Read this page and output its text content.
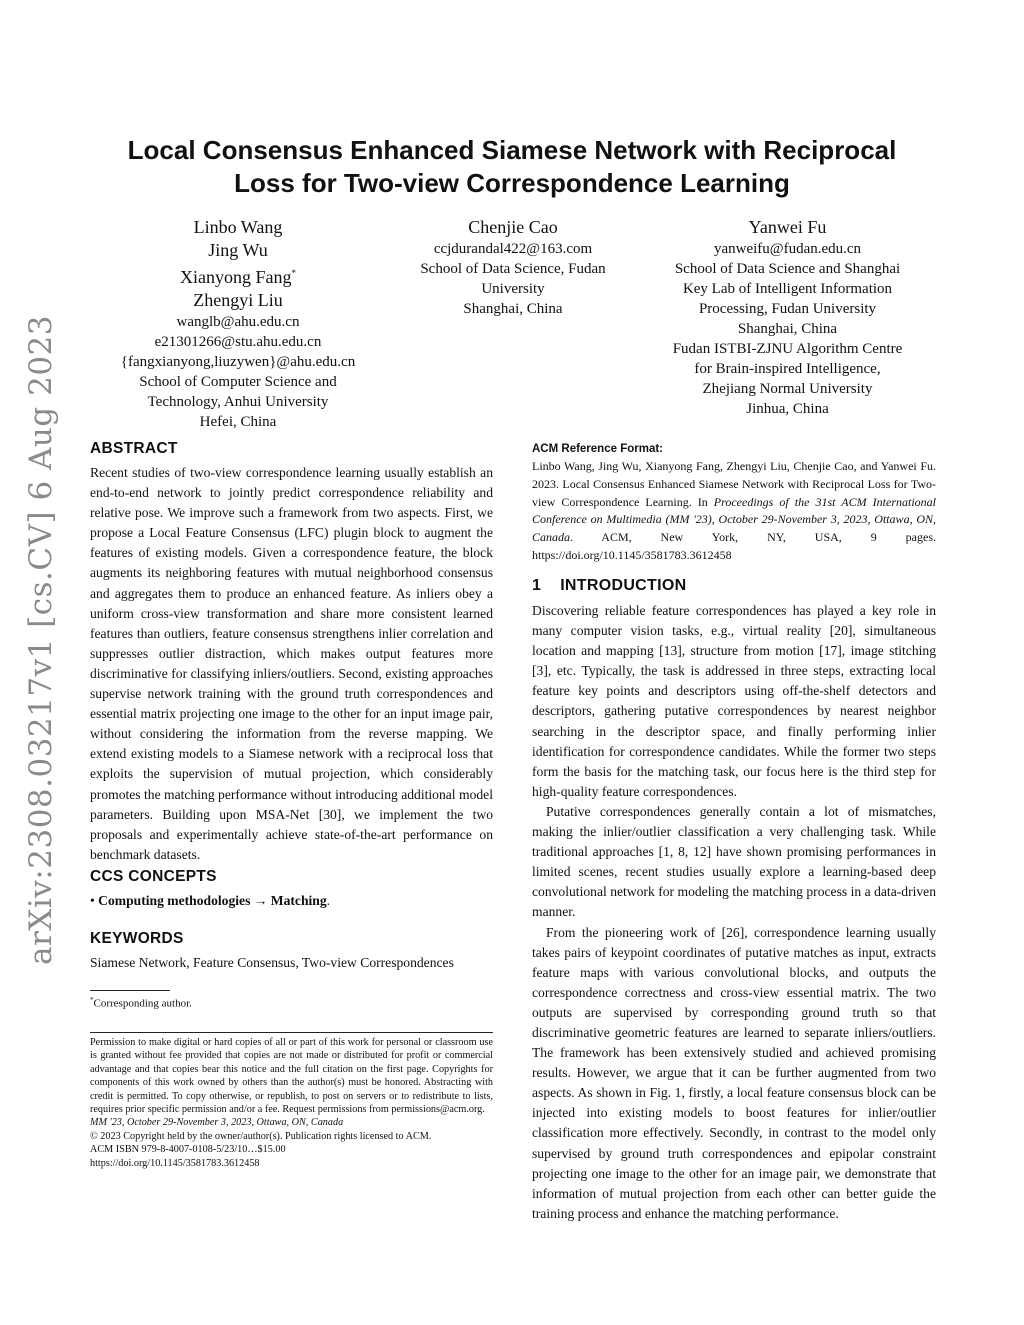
arXiv:2308.03217v1 [cs.CV] 6 Aug 2023
Local Consensus Enhanced Siamese Network with Reciprocal
Loss for Two-view Correspondence Learning
Linbo Wang
Jing Wu
Xianyong Fang*
Zhengyi Liu
wanglb@ahu.edu.cn
e21301266@stu.ahu.edu.cn
{fangxianyong,liuzywen}@ahu.edu.cn
School of Computer Science and
Technology, Anhui University
Hefei, China
Chenjie Cao
ccjdurandal422@163.com
School of Data Science, Fudan
University
Shanghai, China
Yanwei Fu
yanweifu@fudan.edu.cn
School of Data Science and Shanghai
Key Lab of Intelligent Information
Processing, Fudan University
Shanghai, China
Fudan ISTBI-ZJNU Algorithm Centre
for Brain-inspired Intelligence,
Zhejiang Normal University
Jinhua, China
ABSTRACT
Recent studies of two-view correspondence learning usually establish an end-to-end network to jointly predict correspondence reliability and relative pose. We improve such a framework from two aspects. First, we propose a Local Feature Consensus (LFC) plugin block to augment the features of existing models. Given a correspondence feature, the block augments its neighboring features with mutual neighborhood consensus and aggregates them to produce an enhanced feature. As inliers obey a uniform cross-view transformation and share more consistent learned features than outliers, feature consensus strengthens inlier correlation and suppresses outlier distraction, which makes output features more discriminative for classifying inliers/outliers. Second, existing approaches supervise network training with the ground truth correspondences and essential matrix projecting one image to the other for an input image pair, without considering the information from the reverse mapping. We extend existing models to a Siamese network with a reciprocal loss that exploits the supervision of mutual projection, which considerably promotes the matching performance without introducing additional model parameters. Building upon MSA-Net [30], we implement the two proposals and experimentally achieve state-of-the-art performance on benchmark datasets.
CCS CONCEPTS
• Computing methodologies → Matching.
KEYWORDS
Siamese Network, Feature Consensus, Two-view Correspondences
*Corresponding author.

Permission to make digital or hard copies of all or part of this work for personal or classroom use is granted without fee provided that copies are not made or distributed for profit or commercial advantage and that copies bear this notice and the full citation on the first page. Copyrights for components of this work owned by others than the author(s) must be honored. Abstracting with credit is permitted. To copy otherwise, or republish, to post on servers or to redistribute to lists, requires prior specific permission and/or a fee. Request permissions from permissions@acm.org.

MM '23, October 29-November 3, 2023, Ottawa, ON, Canada

© 2023 Copyright held by the owner/author(s). Publication rights licensed to ACM.

ACM ISBN 979-8-4007-0108-5/23/10…$15.00

https://doi.org/10.1145/3581783.3612458

ACM Reference Format:
Linbo Wang, Jing Wu, Xianyong Fang, Zhengyi Liu, Chenjie Cao, and Yanwei Fu. 2023. Local Consensus Enhanced Siamese Network with Reciprocal Loss for Two-view Correspondence Learning. In Proceedings of the 31st ACM International Conference on Multimedia (MM '23), October 29-November 3, 2023, Ottawa, ON, Canada. ACM, New York, NY, USA, 9 pages. https://doi.org/10.1145/3581783.3612458
1 INTRODUCTION

Discovering reliable feature correspondences has played a key role in many computer vision tasks, e.g., virtual reality [20], simultaneous location and mapping [13], structure from motion [17], image stitching [3], etc. Typically, the task is addressed in three steps, extracting local feature key points and descriptors using off-the-shelf detectors and descriptors, gathering putative correspondences by nearest neighbor searching in the descriptor space, and finally performing inlier identification for correspondence candidates. While the former two steps form the basis for the matching task, our focus here is the third step for high-quality feature correspondences.

Putative correspondences generally contain a lot of mismatches, making the inlier/outlier classification a very challenging task. While traditional approaches [1, 8, 12] have shown promising performances in limited scenes, recent studies usually explore a learning-based deep convolutional network for modeling the matching process in a data-driven manner.

From the pioneering work of [26], correspondence learning usually takes pairs of keypoint coordinates of putative matches as input, extracts feature maps with various convolutional blocks, and outputs the correspondence correctness and cross-view essential matrix. The two outputs are supervised by corresponding ground truth so that discriminative geometric features are learned to separate inliers/outliers. The framework has been extensively studied and achieved promising results. However, we argue that it can be further augmented from two aspects. As shown in Fig. 1, firstly, a local feature consensus block can be injected into existing models to boost features for inlier/outlier classification more effectively. Secondly, in contrast to the model only supervised by ground truth correspondences and epipolar constraint projecting one image to the other for an image pair, we demonstrate that information of mutual projection from each other can better guide the training process and enhance the matching performance.
